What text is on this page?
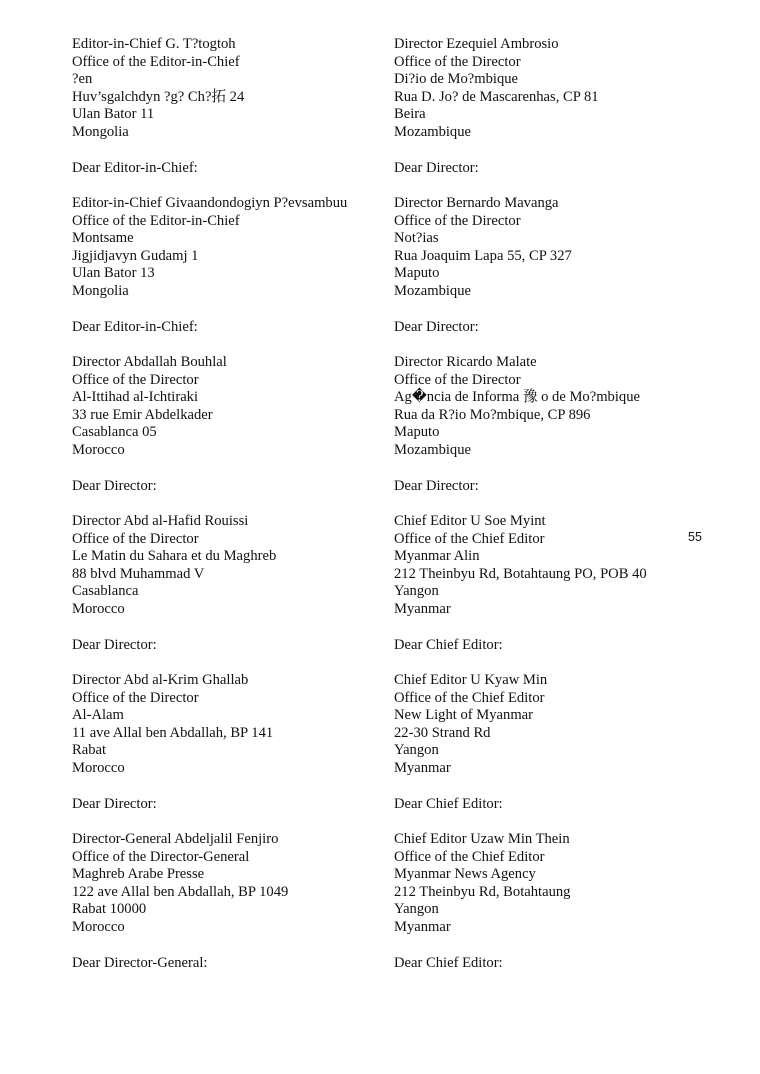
Editor-in-Chief G. T?togtoh
Office of the Editor-in-Chief
?en
Huv’sgalchdyn ?g? Ch?拓 24
Ulan Bator 11
Mongolia
Dear Editor-in-Chief:
Editor-in-Chief Givaandondogiyn P?evsambuu
Office of the Editor-in-Chief
Montsame
Jigjidjavyn Gudamj 1
Ulan Bator 13
Mongolia
Dear Editor-in-Chief:
Director Abdallah Bouhlal
Office of the Director
Al-Ittihad al-Ichtiraki
33 rue Emir Abdelkader
Casablanca 05
Morocco
Dear Director:
Director Abd al-Hafid Rouissi
Office of the Director
Le Matin du Sahara et du Maghreb
88 blvd Muhammad V
Casablanca
Morocco
Dear Director:
Director Abd al-Krim Ghallab
Office of the Director
Al-Alam
11 ave Allal ben Abdallah, BP 141
Rabat
Morocco
Dear Director:
Director-General Abdeljalil Fenjiro
Office of the Director-General
Maghreb Arabe Presse
122 ave Allal ben Abdallah, BP 1049
Rabat 10000
Morocco
Dear Director-General:
Director Ezequiel Ambrosio
Office of the Director
Di?io de Mo?mbique
Rua D. Jo? de Mascarenhas, CP 81
Beira
Mozambique
Dear Director:
Director Bernardo Mavanga
Office of the Director
Not?ias
Rua Joaquim Lapa 55, CP 327
Maputo
Mozambique
Dear Director:
Director Ricardo Malate
Office of the Director
Ag�ncia de Informa 豫 o de Mo?mbique
Rua da R?io Mo?mbique, CP 896
Maputo
Mozambique
Dear Director:
Chief Editor U Soe Myint
Office of the Chief Editor
Myanmar Alin
212 Theinbyu Rd, Botahtaung PO, POB 40
Yangon
Myanmar
Dear Chief Editor:
Chief Editor U Kyaw Min
Office of the Chief Editor
New Light of Myanmar
22-30 Strand Rd
Yangon
Myanmar
Dear Chief Editor:
Chief Editor Uzaw Min Thein
Office of the Chief Editor
Myanmar News Agency
212 Theinbyu Rd, Botahtaung
Yangon
Myanmar
Dear Chief Editor:
55
